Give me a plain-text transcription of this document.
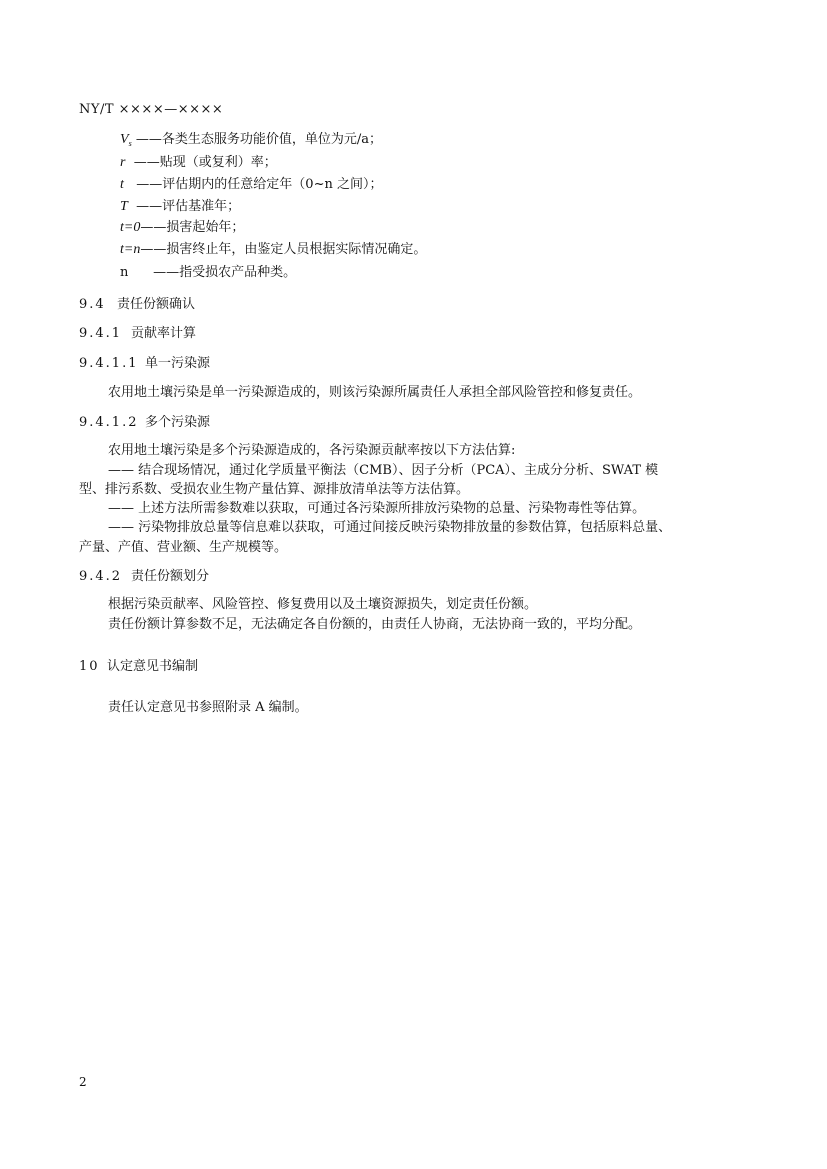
NY/T ××××—××××
$V_s$ ——各类生态服务功能价值，单位为元/a；
r ——贴现（或复利）率；
t ——评估期内的任意给定年（0~n 之间）；
T ——评估基准年；
t=0——损害起始年；
t=n——损害终止年，由鉴定人员根据实际情况确定。
n ——指受损农产品种类。
9.4 责任份额确认
9.4.1 贡献率计算
9.4.1.1 单一污染源
农用地土壤污染是单一污染源造成的，则该污染源所属责任人承担全部风险管控和修复责任。
9.4.1.2 多个污染源
农用地土壤污染是多个污染源造成的，各污染源贡献率按以下方法估算:
—— 结合现场情况，通过化学质量平衡法（CMB）、因子分析（PCA）、主成分分析、SWAT 模
型、排污系数、受损农业生物产量估算、源排放清单法等方法估算。
—— 上述方法所需参数难以获取，可通过各污染源所排放污染物的总量、污染物毒性等估算。
—— 污染物排放总量等信息难以获取，可通过间接反映污染物排放量的参数估算，包括原料总量、
产量、产值、营业额、生产规模等。
9.4.2 责任份额划分
根据污染贡献率、风险管控、修复费用以及土壤资源损失，划定责任份额。
责任份额计算参数不足，无法确定各自份额的，由责任人协商，无法协商一致的，平均分配。
10 认定意见书编制
责任认定意见书参照附录 A 编制。
2
